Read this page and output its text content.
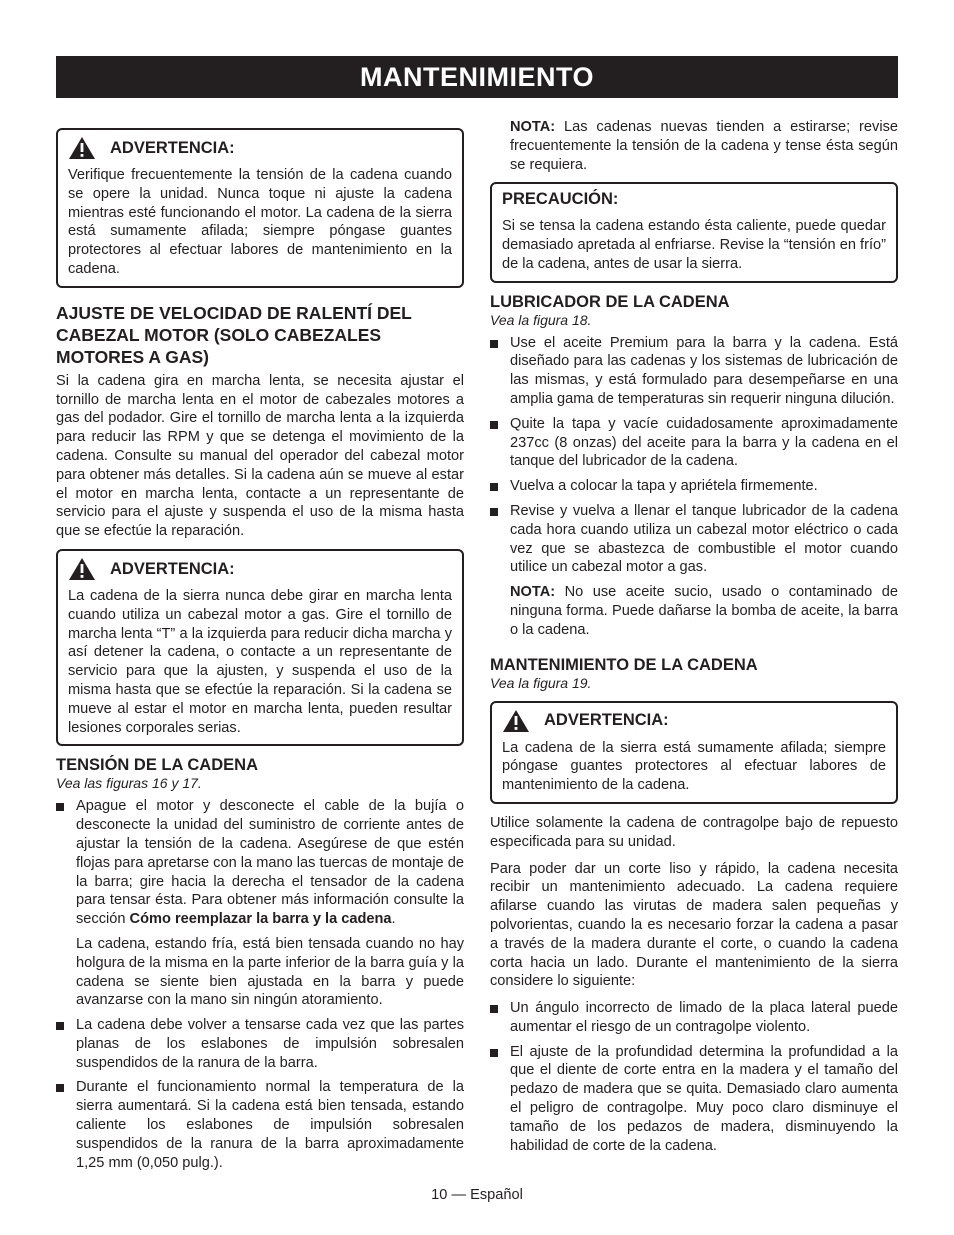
MANTENIMIENTO
ADVERTENCIA:

Verifique frecuentemente la tensión de la cadena cuando se opere la unidad. Nunca toque ni ajuste la cadena mientras esté funcionando el motor. La cadena de la sierra está sumamente afilada; siempre póngase guantes protectores al efectuar labores de mantenimiento en la cadena.

AJUSTE DE VELOCIDAD DE RALENTÍ DEL CABEZAL MOTOR (SOLO CABEZALES MOTORES A GAS)

Si la cadena gira en marcha lenta, se necesita ajustar el tornillo de marcha lenta en el motor de cabezales motores a gas del podador. Gire el tornillo de marcha lenta a la izquierda para reducir las RPM y que se detenga el movimiento de la cadena. Consulte su manual del operador del cabezal motor para obtener más detalles. Si la cadena aún se mueve al estar el motor en marcha lenta, contacte a un representante de servicio para el ajuste y suspenda el uso de la misma hasta que se efectúe la reparación.

ADVERTENCIA:

La cadena de la sierra nunca debe girar en marcha lenta cuando utiliza un cabezal motor a gas. Gire el tornillo de marcha lenta “T” a la izquierda para reducir dicha marcha y así detener la cadena, o contacte a un representante de servicio para que la ajusten, y suspenda el uso de la misma hasta que se efectúe la reparación. Si la cadena se mueve al estar el motor en marcha lenta, pueden resultar lesiones corporales serias.

TENSIÓN DE LA CADENA
Vea las figuras 16 y 17.
Apague el motor y desconecte el cable de la bujía o desconecte la unidad del suministro de corriente antes de ajustar la tensión de la cadena. Asegúrese de que estén flojas para apretarse con la mano las tuercas de montaje de la barra; gire hacia la derecha el tensador de la cadena para tensar ésta. Para obtener más información consulte la sección Cómo reemplazar la barra y la cadena.

La cadena, estando fría, está bien tensada cuando no hay holgura de la misma en la parte inferior de la barra guía y la cadena se siente bien ajustada en la barra y puede avanzarse con la mano sin ningún atoramiento.

La cadena debe volver a tensarse cada vez que las partes planas de los eslabones de impulsión sobresalen suspendidos de la ranura de la barra.
Durante el funcionamiento normal la temperatura de la sierra aumentará. Si la cadena está bien tensada, estando caliente los eslabones de impulsión sobresalen suspendidos de la ranura de la barra aproximadamente 1,25 mm (0,050 pulg.).

NOTA: Las cadenas nuevas tienden a estirarse; revise frecuentemente la tensión de la cadena y tense ésta según se requiera.

PRECAUCIÓN:

Si se tensa la cadena estando ésta caliente, puede quedar demasiado apretada al enfriarse. Revise la “tensión en frío” de la cadena, antes de usar la sierra.

LUBRICADOR DE LA CADENA
Vea la figura 18.
Use el aceite Premium para la barra y la cadena. Está diseñado para las cadenas y los sistemas de lubricación de las mismas, y está formulado para desempeñarse en una amplia gama de temperaturas sin requerir ninguna dilución.
Quite la tapa y vacíe cuidadosamente aproximadamente 237cc (8 onzas) del aceite para la barra y la cadena en el tanque del lubricador de la cadena.
Vuelva a colocar la tapa y apriétela firmemente.
Revise y vuelva a llenar el tanque lubricador de la cadena cada hora cuando utiliza un cabezal motor eléctrico o cada vez que se abastezca de combustible el motor cuando utilice un cabezal motor a gas.

NOTA: No use aceite sucio, usado o contaminado de ninguna forma. Puede dañarse la bomba de aceite, la barra o la cadena.

MANTENIMIENTO DE LA CADENA
Vea la figura 19.
ADVERTENCIA:

La cadena de la sierra está sumamente afilada; siempre póngase guantes protectores al efectuar labores de mantenimiento de la cadena.

Utilice solamente la cadena de contragolpe bajo de repuesto especificada para su unidad.

Para poder dar un corte liso y rápido, la cadena necesita recibir un mantenimiento adecuado. La cadena requiere afilarse cuando las virutas de madera salen pequeñas y polvorientas, cuando la es necesario forzar la cadena a pasar a través de la madera durante el corte, o cuando la cadena corta hacia un lado. Durante el mantenimiento de la sierra considere lo siguiente:

Un ángulo incorrecto de limado de la placa lateral puede aumentar el riesgo de un contragolpe violento.
El ajuste de la profundidad determina la profundidad a la que el diente de corte entra en la madera y el tamaño del pedazo de madera que se quita. Demasiado claro aumenta el peligro de contragolpe. Muy poco claro disminuye el tamaño de los pedazos de madera, disminuyendo la habilidad de corte de la cadena.
10 — Español
